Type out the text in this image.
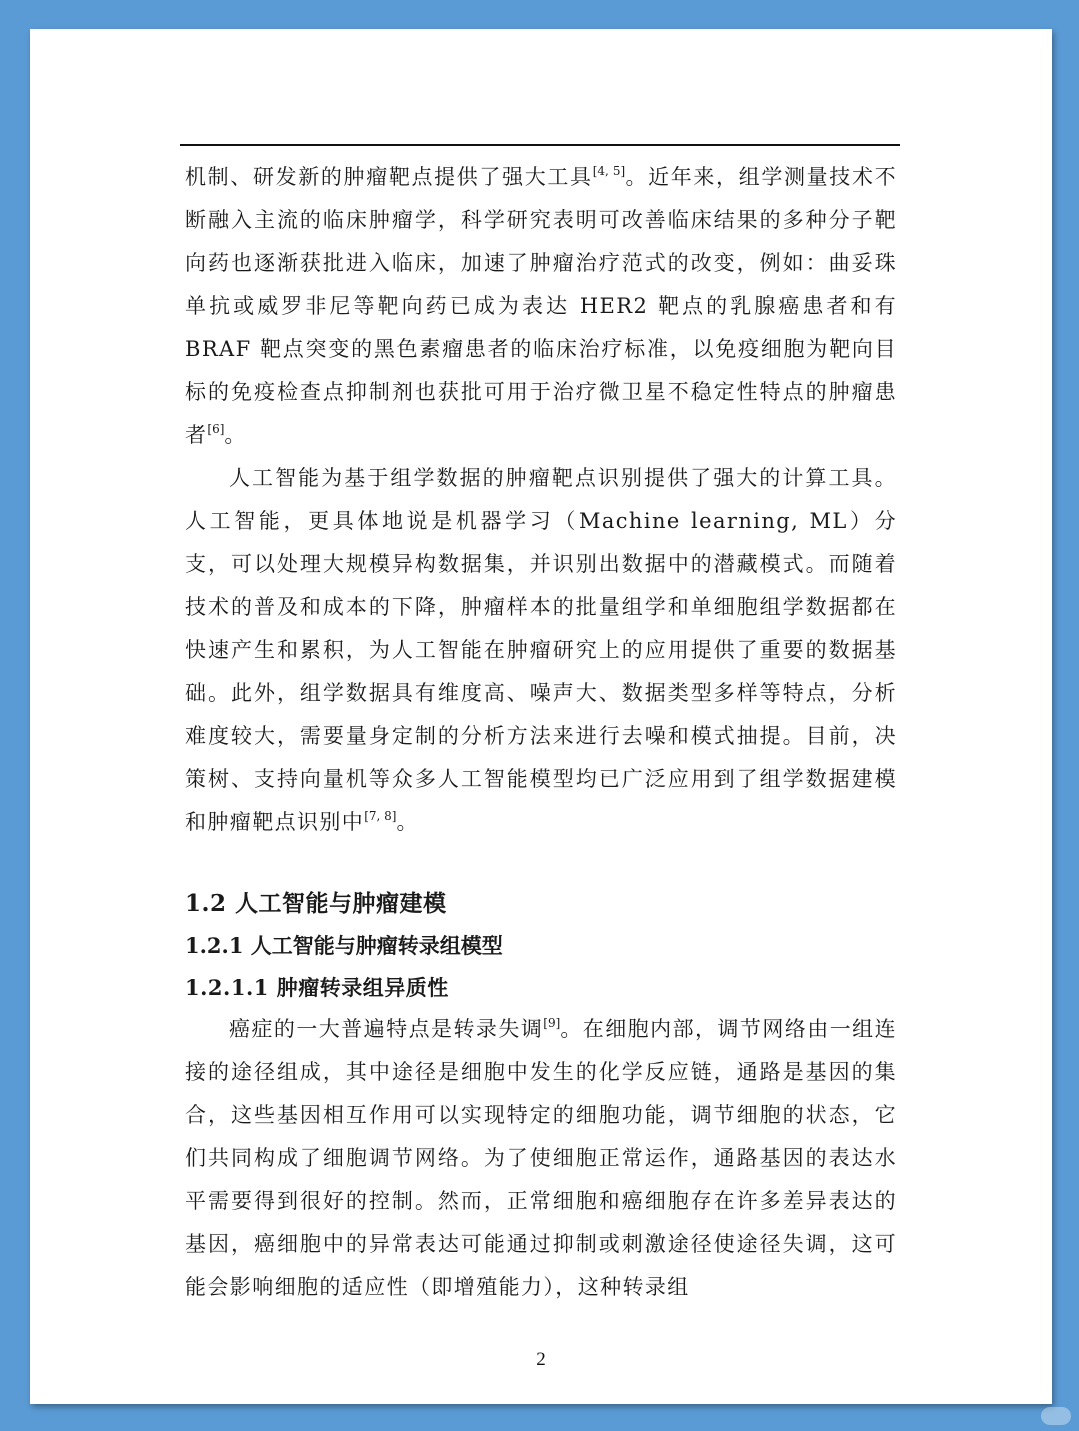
机制、研发新的肿瘤靶点提供了强大工具[4, 5]。近年来，组学测量技术不断融入主流的临床肿瘤学，科学研究表明可改善临床结果的多种分子靶向药也逐渐获批进入临床，加速了肿瘤治疗范式的改变，例如：曲妥珠单抗或威罗非尼等靶向药已成为表达 HER2 靶点的乳腺癌患者和有 BRAF 靶点突变的黑色素瘤患者的临床治疗标准，以免疫细胞为靶向目标的免疫检查点抑制剂也获批可用于治疗微卫星不稳定性特点的肿瘤患者[6]。

人工智能为基于组学数据的肿瘤靶点识别提供了强大的计算工具。人工智能，更具体地说是机器学习（Machine learning, ML）分支，可以处理大规模异构数据集，并识别出数据中的潜藏模式。而随着技术的普及和成本的下降，肿瘤样本的批量组学和单细胞组学数据都在快速产生和累积，为人工智能在肿瘤研究上的应用提供了重要的数据基础。此外，组学数据具有维度高、噪声大、数据类型多样等特点，分析难度较大，需要量身定制的分析方法来进行去噪和模式抽提。目前，决策树、支持向量机等众多人工智能模型均已广泛应用到了组学数据建模和肿瘤靶点识别中[7, 8]。

1.2 人工智能与肿瘤建模
1.2.1 人工智能与肿瘤转录组模型
1.2.1.1 肿瘤转录组异质性

癌症的一大普遍特点是转录失调[9]。在细胞内部，调节网络由一组连接的途径组成，其中途径是细胞中发生的化学反应链，通路是基因的集合，这些基因相互作用可以实现特定的细胞功能，调节细胞的状态，它们共同构成了细胞调节网络。为了使细胞正常运作，通路基因的表达水平需要得到很好的控制。然而，正常细胞和癌细胞存在许多差异表达的基因，癌细胞中的异常表达可能通过抑制或刺激途径使途径失调，这可能会影响细胞的适应性（即增殖能力），这种转录组

2
